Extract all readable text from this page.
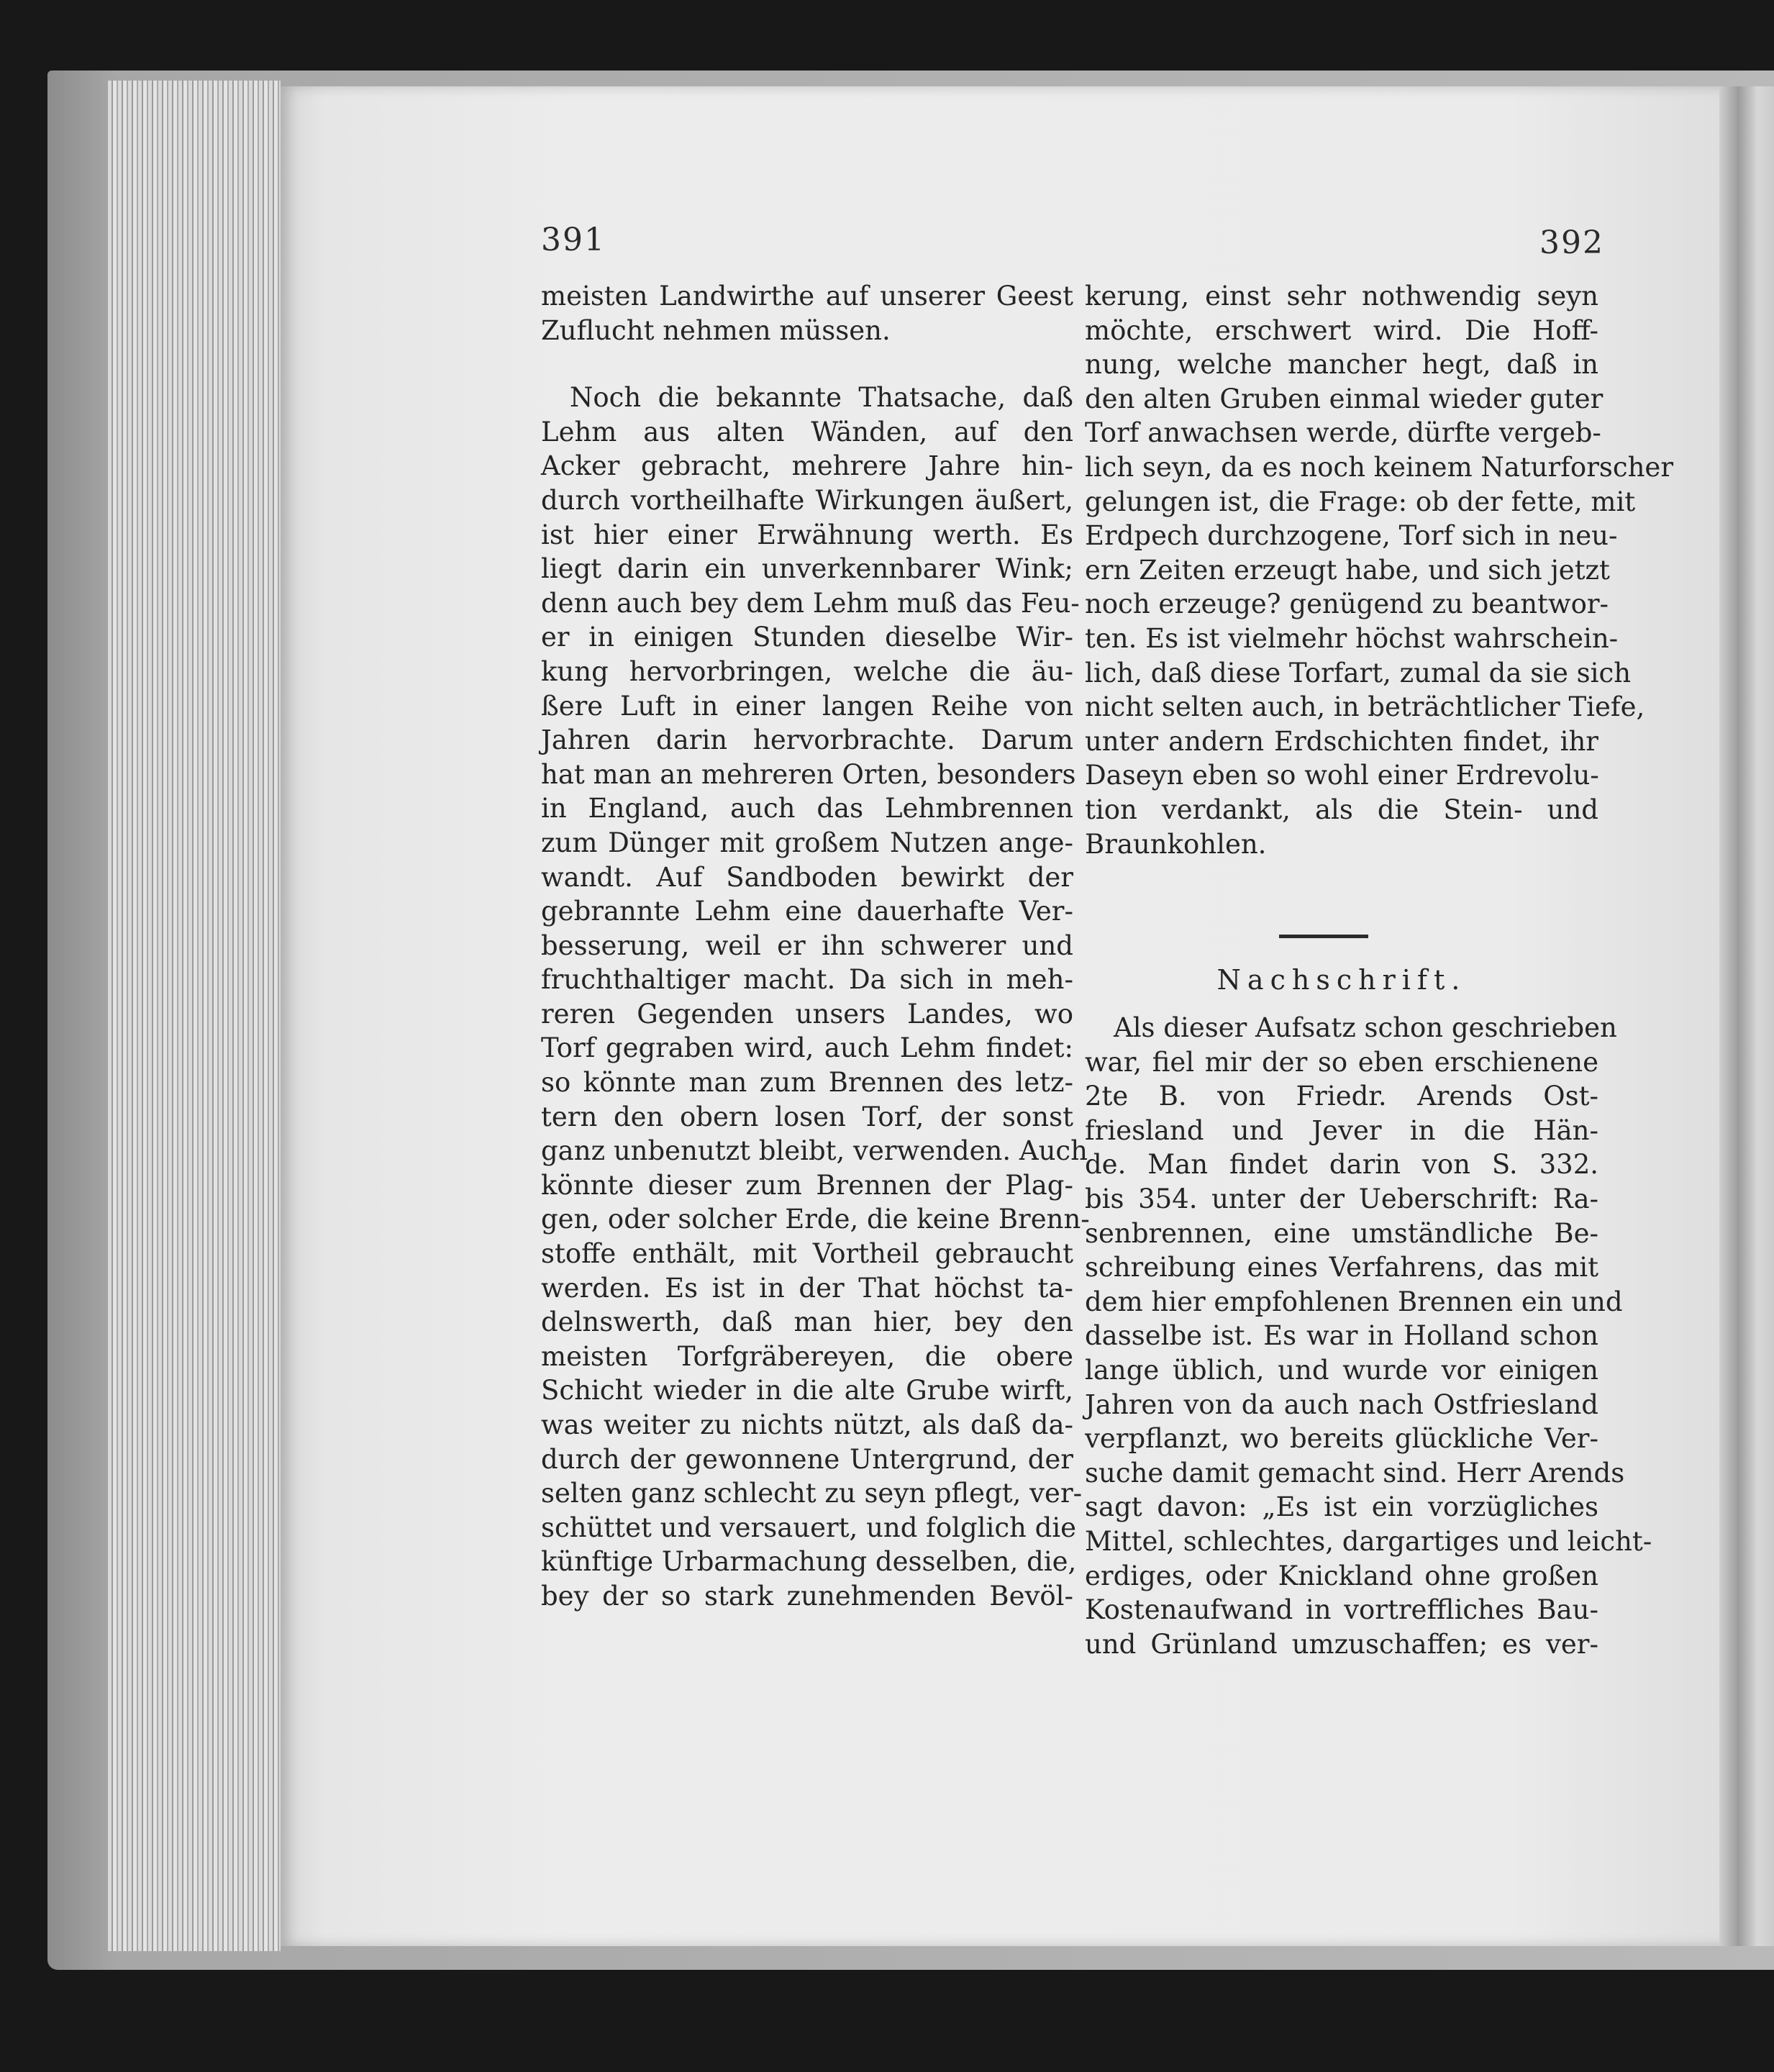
391	392

meisten Landwirthe auf unserer Geest

Zuflucht nehmen müssen.

Noch die bekannte Thatsache, daß

Lehm aus alten Wänden, auf den

Acker gebracht, mehrere Jahre hin-

durch vortheilhafte Wirkungen äußert,

ist hier einer Erwähnung werth. Es

liegt darin ein unverkennbarer Wink;

denn auch bey dem Lehm muß das Feu-

er in einigen Stunden dieselbe Wir-

kung hervorbringen, welche die äu-

ßere Luft in einer langen Reihe von

Jahren darin hervorbrachte. Darum

hat man an mehreren Orten, besonders

in England, auch das Lehmbrennen

zum Dünger mit großem Nutzen ange-

wandt. Auf Sandboden bewirkt der

gebrannte Lehm eine dauerhafte Ver-

besserung, weil er ihn schwerer und

fruchthaltiger macht. Da sich in meh-

reren Gegenden unsers Landes, wo

Torf gegraben wird, auch Lehm findet:

so könnte man zum Brennen des letz-

tern den obern losen Torf, der sonst

ganz unbenutzt bleibt, verwenden. Auch

könnte dieser zum Brennen der Plag-

gen, oder solcher Erde, die keine Brenn-

stoffe enthält, mit Vortheil gebraucht

werden. Es ist in der That höchst ta-

delnswerth, daß man hier, bey den

meisten Torfgräbereyen, die obere

Schicht wieder in die alte Grube wirft,

was weiter zu nichts nützt, als daß da-

durch der gewonnene Untergrund, der

selten ganz schlecht zu seyn pflegt, ver-

schüttet und versauert, und folglich die

künftige Urbarmachung desselben, die,

bey der so stark zunehmenden Bevöl-

kerung, einst sehr nothwendig seyn

möchte, erschwert wird. Die Hoff-

nung, welche mancher hegt, daß in

den alten Gruben einmal wieder guter

Torf anwachsen werde, dürfte vergeb-

lich seyn, da es noch keinem Naturforscher

gelungen ist, die Frage: ob der fette, mit

Erdpech durchzogene, Torf sich in neu-

ern Zeiten erzeugt habe, und sich jetzt

noch erzeuge? genügend zu beantwor-

ten. Es ist vielmehr höchst wahrschein-

lich, daß diese Torfart, zumal da sie sich

nicht selten auch, in beträchtlicher Tiefe,

unter andern Erdschichten findet, ihr

Daseyn eben so wohl einer Erdrevolu-

tion verdankt, als die Stein- und

Braunkohlen.

Nachschrift.

Als dieser Aufsatz schon geschrieben

war, fiel mir der so eben erschienene

2te B. von Friedr. Arends Ost-

friesland und Jever in die Hän-

de. Man findet darin von S. 332.

bis 354. unter der Ueberschrift: Ra-

senbrennen, eine umständliche Be-

schreibung eines Verfahrens, das mit

dem hier empfohlenen Brennen ein und

dasselbe ist. Es war in Holland schon

lange üblich, und wurde vor einigen

Jahren von da auch nach Ostfriesland

verpflanzt, wo bereits glückliche Ver-

suche damit gemacht sind. Herr Arends

sagt davon: „Es ist ein vorzügliches

Mittel, schlechtes, dargartiges und leicht-

erdiges, oder Knickland ohne großen

Kostenaufwand in vortreffliches Bau-

und Grünland umzuschaffen; es ver-
